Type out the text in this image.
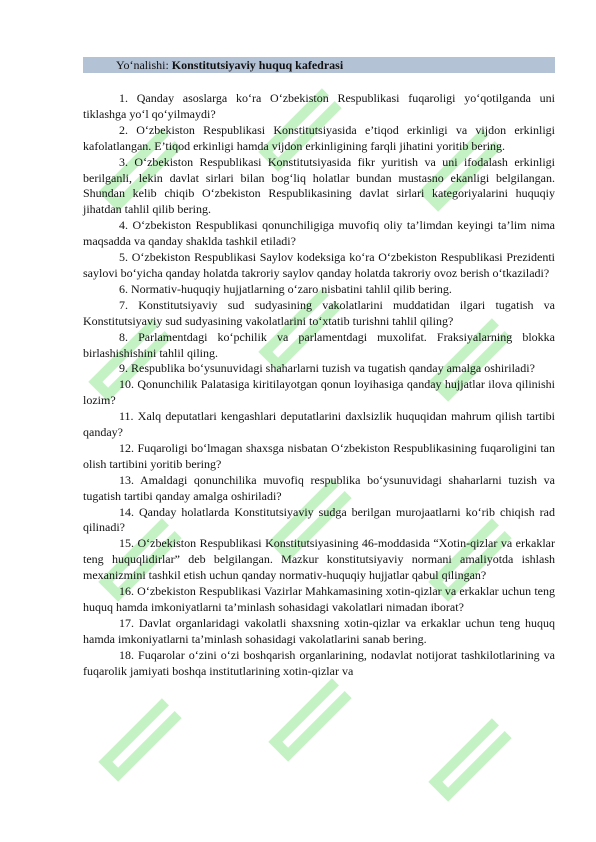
Yo‘nalishi: Konstitutsiyaviy huquq kafedrasi

1. Qanday asoslarga ko‘ra O‘zbekiston Respublikasi fuqaroligi yo‘qotilganda uni tiklashga yo‘l qo‘yilmaydi?

2. O‘zbekiston Respublikasi Konstitutsiyasida e’tiqod erkinligi va vijdon erkinligi kafolatlangan. E’tiqod erkinligi hamda vijdon erkinligining farqli jihatini yoritib bering.

3. O‘zbekiston Respublikasi Konstitutsiyasida fikr yuritish va uni ifodalash erkinligi berilganli, lekin davlat sirlari bilan bog‘liq holatlar bundan mustasno ekanligi belgilangan. Shundan kelib chiqib O‘zbekiston Respublikasining davlat sirlari kategoriyalarini huquqiy jihatdan tahlil qilib bering.

4. O‘zbekiston Respublikasi qonunchiligiga muvofiq oliy ta’limdan keyingi ta’lim nima maqsadda va qanday shaklda tashkil etiladi?

5. O‘zbekiston Respublikasi Saylov kodeksiga ko‘ra O‘zbekiston Respublikasi Prezidenti saylovi bo‘yicha qanday holatda takroriy saylov qanday holatda takroriy ovoz berish o‘tkaziladi?

6. Normativ-huquqiy hujjatlarning o‘zaro nisbatini tahlil qilib bering.

7. Konstitutsiyaviy sud sudyasining vakolatlarini muddatidan ilgari tugatish va Konstitutsiyaviy sud sudyasining vakolatlarini to‘xtatib turishni tahlil qiling?

8. Parlamentdagi ko‘pchilik va parlamentdagi muxolifat. Fraksiyalarning blokka birlashishishini tahlil qiling.

9. Respublika bo‘ysunuvidagi shaharlarni tuzish va tugatish qanday amalga oshiriladi?

10. Qonunchilik Palatasiga kiritilayotgan qonun loyihasiga qanday hujjatlar ilova qilinishi lozim?

11. Xalq deputatlari kengashlari deputatlarini daxlsizlik huquqidan mahrum qilish tartibi qanday?

12. Fuqaroligi bo‘lmagan shaxsga nisbatan O‘zbekiston Respublikasining fuqaroligini tan olish tartibini yoritib bering?

13. Amaldagi qonunchilika muvofiq respublika bo‘ysunuvidagi shaharlarni tuzish va tugatish tartibi qanday amalga oshiriladi?

14. Qanday holatlarda Konstitutsiyaviy sudga berilgan murojaatlarni ko‘rib chiqish rad qilinadi?

15. O‘zbekiston Respublikasi Konstitutsiyasining 46-moddasida “Xotin-qizlar va erkaklar teng huquqlidirlar” deb belgilangan. Mazkur konstitutsiyaviy normani amaliyotda ishlash mexanizmini tashkil etish uchun qanday normativ-huquqiy hujjatlar qabul qilingan?

16. O‘zbekiston Respublikasi Vazirlar Mahkamasining xotin-qizlar va erkaklar uchun teng huquq hamda imkoniyatlarni ta’minlash sohasidagi vakolatlari nimadan iborat?

17. Davlat organlaridagi vakolatli shaxsning xotin-qizlar va erkaklar uchun teng huquq hamda imkoniyatlarni ta’minlash sohasidagi vakolatlarini sanab bering.

18. Fuqarolar o‘zini o‘zi boshqarish organlarining, nodavlat notijorat tashkilotlarining va fuqarolik jamiyati boshqa institutlarining xotin-qizlar va
